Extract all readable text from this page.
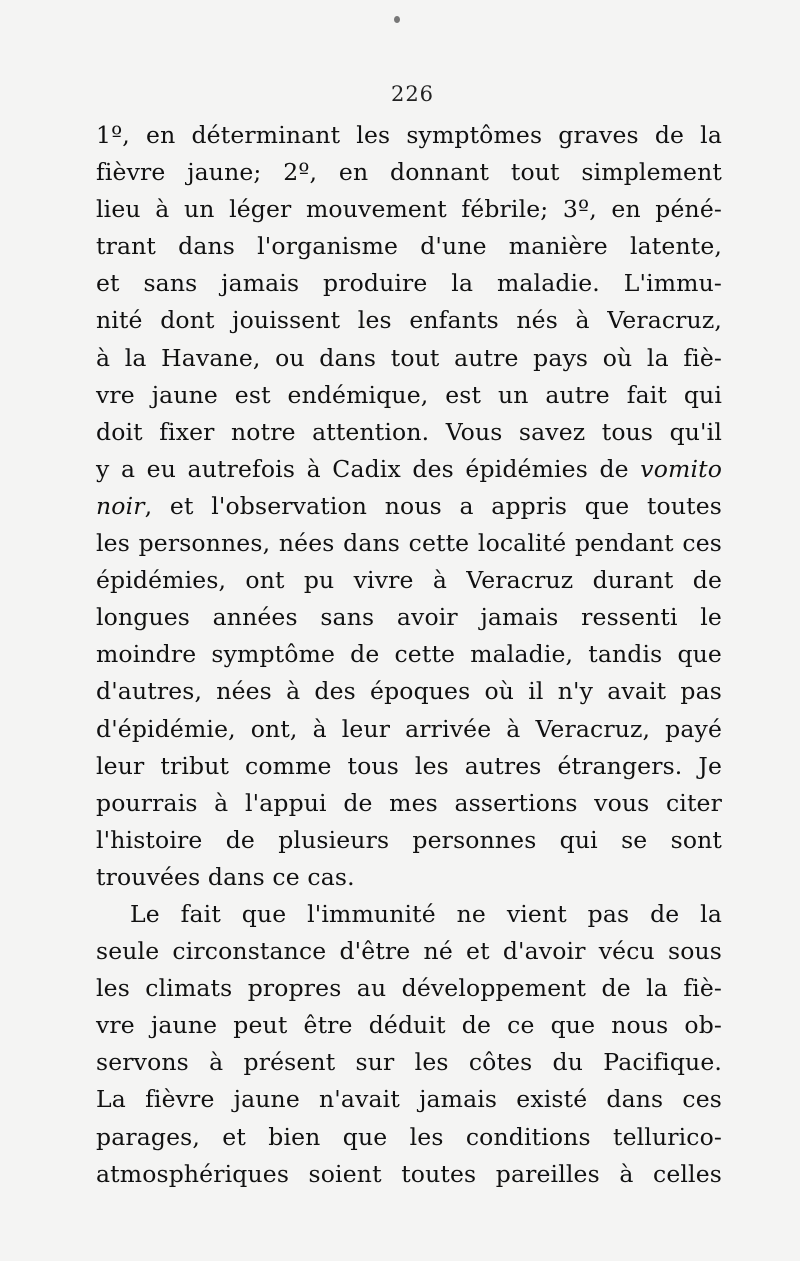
226
1º, en déterminant les symptômes graves de la
fièvre jaune; 2º, en donnant tout simplement
lieu à un léger mouvement fébrile; 3º, en péné-
trant dans l'organisme d'une manière latente,
et sans jamais produire la maladie. L'immu-
nité dont jouissent les enfants nés à Veracruz,
à la Havane, ou dans tout autre pays où la fiè-
vre jaune est endémique, est un autre fait qui
doit fixer notre attention. Vous savez tous qu'il
y a eu autrefois à Cadix des épidémies de vomito
noir, et l'observation nous a appris que toutes
les personnes, nées dans cette localité pendant ces
épidémies, ont pu vivre à Veracruz durant de
longues années sans avoir jamais ressenti le
moindre symptôme de cette maladie, tandis que
d'autres, nées à des époques où il n'y avait pas
d'épidémie, ont, à leur arrivée à Veracruz, payé
leur tribut comme tous les autres étrangers. Je
pourrais à l'appui de mes assertions vous citer
l'histoire de plusieurs personnes qui se sont
trouvées dans ce cas.
Le fait que l'immunité ne vient pas de la
seule circonstance d'être né et d'avoir vécu sous
les climats propres au développement de la fiè-
vre jaune peut être déduit de ce que nous ob-
servons à présent sur les côtes du Pacifique.
La fièvre jaune n'avait jamais existé dans ces
parages, et bien que les conditions tellurico-
atmosphériques soient toutes pareilles à celles
